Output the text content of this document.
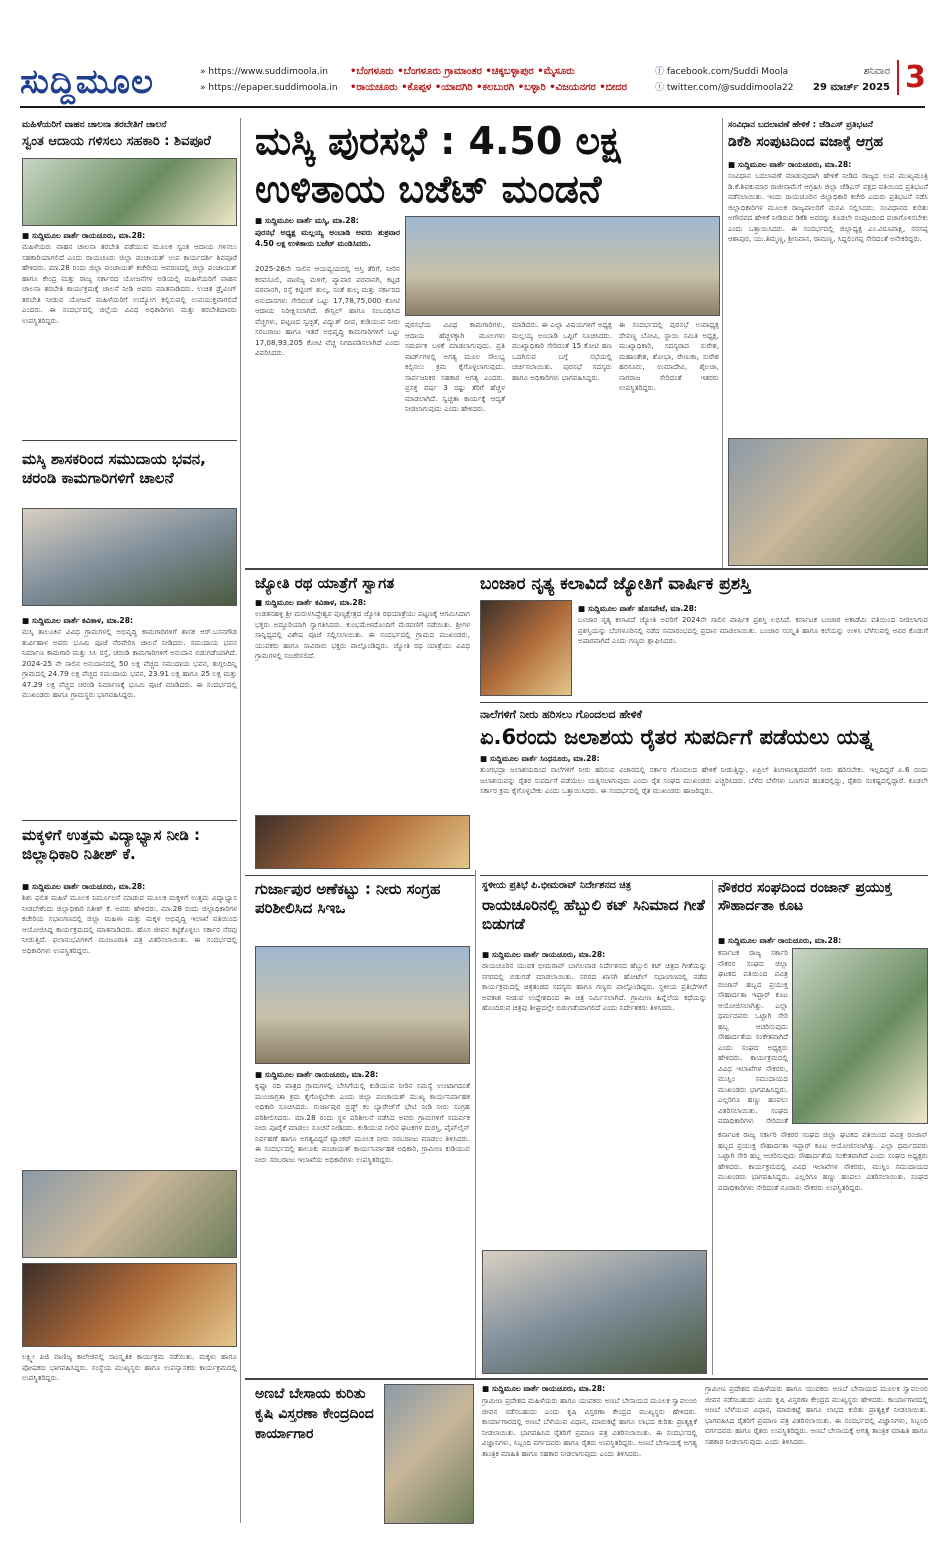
ಸುದ್ದಿಮೂಲ	» https://www.suddimoola.in
» https://epaper.suddimoola.in
•ಬೆಂಗಳೂರು •ಬೆಂಗಳೂರು ಗ್ರಾಮಾಂತರ •ಚಿಕ್ಕಬಳ್ಳಾಪುರ •ಮೈಸೂರು
•ರಾಯಚೂರು •ಕೊಪ್ಪಳ •ಯಾದಗಿರಿ •ಕಲಬುರಗಿ •ಬಳ್ಳಾರಿ •ವಿಜಯನಗರ •ಬೀದರ
ⓕ facebook.com/Suddi Moola
ⓣ twitter.com/@suddimoola22
ಶನಿವಾರ
29 ಮಾರ್ಚ್ 2025 3
ಮಹಿಳೆಯರಿಗೆ ವಾಹನ ಚಾಲನಾ ತರಬೇತಿಗೆ ಚಾಲನೆ
ಸ್ವಂತ ಆದಾಯ ಗಳಿಸಲು ಸಹಕಾರಿ : ಶಿವಪೂರೆ
■ ಸುದ್ದಿಮೂಲ ವಾರ್ತೆ ರಾಯಚೂರು, ಮಾ.28:
ಮಹಿಳೆಯರು ವಾಹನ ಚಾಲನಾ ತರಬೇತಿ ಪಡೆಯುವ ಮೂಲಕ ಸ್ವಂತ ಆದಾಯ ಗಳಿಸಲು ಸಹಕಾರಿಯಾಗಲಿದೆ ಎಂದು ರಾಯಚೂರು ಜಿಲ್ಲಾ ಪಂಚಾಯತ್ ಉಪ ಕಾರ್ಯದರ್ಶಿ ಶಿವಪೂರೆ ಹೇಳಿದರು. ಮಾ.28 ರಂದು ಜಿಲ್ಲಾ ಪಂಚಾಯತ್ ಕಚೇರಿಯ ಆವರಣದಲ್ಲಿ ಜಿಲ್ಲಾ ಪಂಚಾಯತ್ ಹಾಗೂ ಕೇಂದ್ರ ಮತ್ತು ರಾಜ್ಯ ಸರ್ಕಾರದ ಯೋಜನೆಗಳ ಅಡಿಯಲ್ಲಿ ಮಹಿಳೆಯರಿಗೆ ವಾಹನ ಚಾಲನಾ ತರಬೇತಿ ಕಾರ್ಯಕ್ರಮಕ್ಕೆ ಚಾಲನೆ ನೀಡಿ ಅವರು ಮಾತನಾಡಿದರು. ಉಚಿತ ಡ್ರೈವಿಂಗ್ ತರಬೇತಿ ನೀಡುವ ಯೋಜನೆ ಮಹಿಳೆಯರಿಗೆ ಉದ್ಯೋಗ ಕಲ್ಪಿಸುವಲ್ಲಿ ಉಪಯುಕ್ತವಾಗಲಿದೆ ಎಂದರು. ಈ ಸಂದರ್ಭದಲ್ಲಿ ಜಿಲ್ಲೆಯ ವಿವಿಧ ಅಧಿಕಾರಿಗಳು ಮತ್ತು ತರಬೇತಿದಾರರು ಉಪಸ್ಥಿತರಿದ್ದರು.
ಮಸ್ಕಿ ಶಾಸಕರಿಂದ ಸಮುದಾಯ ಭವನ, ಚರಂಡಿ ಕಾಮಗಾರಿಗಳಿಗೆ ಚಾಲನೆ
■ ಸುದ್ದಿಮೂಲ ವಾರ್ತೆ ಕವಿತಾಳ, ಮಾ.28:
ಮಸ್ಕಿ ತಾಲೂಕಿನ ವಿವಿಧ ಗ್ರಾಮಗಳಲ್ಲಿ ಅಭಿವೃದ್ಧಿ ಕಾಮಗಾರಿಗಳಿಗೆ ಶಾಸಕ ಆರ್.ಬಸನಗೌಡ ತುರ್ವಿಹಾಳ ಅವರು ಭೂಮಿ ಪೂಜೆ ನೆರವೇರಿಸಿ ಚಾಲನೆ ನೀಡಿದರು. ಸಮುದಾಯ ಭವನ ನಿರ್ಮಾಣ ಕಾಮಗಾರಿ ಮತ್ತು ಸಿಸಿ ರಸ್ತೆ, ಚರಂಡಿ ಕಾಮಗಾರಿಗಳಿಗೆ ಅನುದಾನ ಬಿಡುಗಡೆಯಾಗಿದೆ. 2024-25 ನೇ ಸಾಲಿನ ಅನುದಾನದಲ್ಲಿ 50 ಲಕ್ಷ ವೆಚ್ಚದ ಸಮುದಾಯ ಭವನ, ತುಗ್ಗಲದಿನ್ನಿ ಗ್ರಾಮದಲ್ಲಿ 24.79 ಲಕ್ಷ ವೆಚ್ಚದ ಸಮುದಾಯ ಭವನ, 23.91 ಲಕ್ಷ ಹಾಗೂ 25 ಲಕ್ಷ ಮತ್ತು 47.29 ಲಕ್ಷ ವೆಚ್ಚದ ಚರಂಡಿ ನಿರ್ಮಾಣಕ್ಕೆ ಭೂಮಿ ಪೂಜೆ ಮಾಡಿದರು. ಈ ಸಂದರ್ಭದಲ್ಲಿ ಮುಖಂಡರು ಹಾಗೂ ಗ್ರಾಮಸ್ಥರು ಭಾಗವಹಿಸಿದ್ದರು.
ಮಕ್ಕಳಿಗೆ ಉತ್ತಮ ವಿದ್ಯಾಭ್ಯಾಸ ನೀಡಿ : ಜಿಲ್ಲಾಧಿಕಾರಿ ನಿತೀಶ್ ಕೆ.
■ ಸುದ್ದಿಮೂಲ ವಾರ್ತೆ ರಾಯಚೂರು, ಮಾ.28:
ಶಿಶು ಫಲಿತ ಮಹಿಳೆ ಮೂಲಕ ನಿರ್ಮೂಲನೆ ಮಾಡುವ ಮೂಲಕ ಮಕ್ಕಳಿಗೆ ಉತ್ತಮ ವಿದ್ಯಾಭ್ಯಾಸ ನೀಡಬೇಕೆಂದು ಜಿಲ್ಲಾಧಿಕಾರಿ ನಿತೀಶ್ ಕೆ. ಅವರು ಹೇಳಿದರು. ಮಾ.28 ರಂದು ಜಿಲ್ಲಾಧಿಕಾರಿಗಳ ಕಚೇರಿಯ ಸಭಾಂಗಣದಲ್ಲಿ ಜಿಲ್ಲಾ ಮಹಿಳಾ ಮತ್ತು ಮಕ್ಕಳ ಅಭಿವೃದ್ಧಿ ಇಲಾಖೆ ವತಿಯಿಂದ ಆಯೋಜಿಸಿದ್ದ ಕಾರ್ಯಕ್ರಮದಲ್ಲಿ ಮಾತನಾಡಿದರು. ಹೊಸ ಜೀವನ ಕಟ್ಟಿಕೊಳ್ಳಲು ಸರ್ಕಾರ ನೆರವು ನೀಡುತ್ತಿದೆ. ಫಲಾನುಭವಿಗಳಿಗೆ ಮಂಜೂರಾತಿ ಪತ್ರ ವಿತರಿಸಲಾಯಿತು. ಈ ಸಂದರ್ಭದಲ್ಲಿ ಅಧಿಕಾರಿಗಳು ಉಪಸ್ಥಿತರಿದ್ದರು.
ಲಕ್ಷ್ಮೀ ಪಿಜಿ ವಾಣಿಜ್ಯ ಕಾಲೇಜಿನಲ್ಲಿ ಸಾಂಸ್ಕೃತಿಕ ಕಾರ್ಯಕ್ರಮ ನಡೆಯಿತು. ಮಕ್ಕಳು ಹಾಗೂ ಪೋಷಕರು ಭಾಗವಹಿಸಿದ್ದರು. ಸಂಸ್ಥೆಯ ಮುಖ್ಯಸ್ಥರು ಹಾಗೂ ಉಪನ್ಯಾಸಕರು ಕಾರ್ಯಕ್ರಮದಲ್ಲಿ ಉಪಸ್ಥಿತರಿದ್ದರು.
ಮಸ್ಕಿ ಪುರಸಭೆ : 4.50 ಲಕ್ಷ
ಉಳಿತಾಯ ಬಜೆಟ್ ಮಂಡನೆ
■ ಸುದ್ದಿಮೂಲ ವಾರ್ತೆ ಮಸ್ಕಿ, ಮಾ.28:
ಪುರಸಭೆ ಅಧ್ಯಕ್ಷ ಮಲ್ಲಯ್ಯ ಅಂಬಾಡಿ ಅವರು ಶುಕ್ರವಾರ 4.50 ಲಕ್ಷ ಉಳಿತಾಯ ಬಜೆಟ್ ಮಂಡಿಸಿದರು.
2025-26ನೇ ಸಾಲಿನ ಆಯವ್ಯಯದಲ್ಲಿ ಆಸ್ತಿ ತೆರಿಗೆ, ನೀರಿನ ಕರವಸೂಲಿ, ವಾಣಿಜ್ಯ ಮಳಿಗೆ, ವ್ಯಾಪಾರ ಪರವಾನಗಿ, ಕಟ್ಟಡ ಪರವಾನಗಿ, ರಸ್ತೆ ಕಟ್ಟಿಂಗ್ ಶುಲ್ಕ, ಸಂತೆ ಶುಲ್ಕ ಮತ್ತು ಸರ್ಕಾರದ ಅನುದಾನಗಳು ಸೇರಿದಂತೆ ಒಟ್ಟು 17,78,75,000 ಕೋಟಿ ಆದಾಯ ನಿರೀಕ್ಷಿಸಲಾಗಿದೆ. ಕೌನ್ಸಿಲ್ ಹಾಗೂ ಸಂಬಂಧಿಸಿದ ವೆಚ್ಚಗಳು, ಪಟ್ಟಣದ ಸ್ವಚ್ಛತೆ, ವಿದ್ಯುತ್ ದೀಪ, ಕುಡಿಯುವ ನೀರು ಸರಬರಾಜು ಹಾಗೂ ಇತರೆ ಅಭಿವೃದ್ಧಿ ಕಾಮಗಾರಿಗಳಿಗೆ ಒಟ್ಟು 17,08,93,205 ಕೋಟಿ ವೆಚ್ಚ ನಿಗದಿಪಡಿಸಲಾಗಿದೆ ಎಂದು ವಿವರಿಸಿದರು.
ಪುರಸಭೆಯ ವಿವಿಧ ಕಾಮಗಾರಿಗಳು, ಆದಾಯ ಹೆಚ್ಚಳಕ್ಕಾಗಿ ಮೂಲಗಳು ಸಮರ್ಪಕ ಬಳಕೆ ಮಾಡಲಾಗುವುದು. ಪ್ರತಿ ವಾರ್ಡ್‌ಗಳಲ್ಲಿ ಅಗತ್ಯ ಮೂಲ ಸೌಲಭ್ಯ ಕಲ್ಪಿಸಲು ಕ್ರಮ ಕೈಗೊಳ್ಳಲಾಗುವುದು. ಸಾರ್ವಜನಿಕರ ಸಹಕಾರ ಅಗತ್ಯ ಎಂದರು. ಪ್ರಸಕ್ತ ವರ್ಷ 3 ರಷ್ಟು ತೆರಿಗೆ ಹೆಚ್ಚಳ ಮಾಡಲಾಗಿದೆ. ಸ್ವಚ್ಛತಾ ಕಾರ್ಯಕ್ಕೆ ಆದ್ಯತೆ ನೀಡಲಾಗುವುದು ಎಂದು ಹೇಳಿದರು.
ಮಾಡಿದರು. ಈ ಎಲ್ಲಾ ವಿಷಯಗಳಿಗೆ ಅಧ್ಯಕ್ಷ ಮಲ್ಲಯ್ಯ ಅಂಬಾಡಿ ಒಪ್ಪಿಗೆ ಸೂಚಿಸಿದರು. ಮುಖ್ಯಾಧಿಕಾರಿ ಸೇರಿದಂತೆ 15 ಕೋಟಿ ಹಣ ಒದಗಿಸುವ ಬಗ್ಗೆ ಸಭೆಯಲ್ಲಿ ಚರ್ಚಿಸಲಾಯಿತು. ಪುರಸಭೆ ಸದಸ್ಯರು ಹಾಗೂ ಅಧಿಕಾರಿಗಳು ಭಾಗವಹಿಸಿದ್ದರು.
ಈ ಸಂದರ್ಭದಲ್ಲಿ ಪುರಸಭೆ ಉಪಾಧ್ಯಕ್ಷ ದೇವಣ್ಣ ಬೋವಿ, ಸ್ಥಾಯಿ ಸಮಿತಿ ಅಧ್ಯಕ್ಷ, ಮುಖ್ಯಾಧಿಕಾರಿ, ಸದಸ್ಯರಾದ ಸುರೇಶ, ಮಹಾಂತೇಶ, ಶೋಭಾ, ರೇಣುಕಾ, ಸುರೇಶ ಹರಸೂರು, ಉಮಾದೇವಿ, ಶೈಲಜಾ, ನಾಗರಾಜ ಸೇರಿದಂತೆ ಇತರರು ಉಪಸ್ಥಿತರಿದ್ದರು.
ಸಂವಿಧಾನ ಬದಲಾವಣೆ ಹೇಳಿಕೆ : ಜೆಡಿಎಸ್ ಪ್ರತಿಭಟನೆ
ಡಿಕೆಶಿ ಸಂಪುಟದಿಂದ ವಜಾಕ್ಕೆ ಆಗ್ರಹ
■ ಸುದ್ದಿಮೂಲ ವಾರ್ತೆ ರಾಯಚೂರು, ಮಾ.28:
ಸಂವಿಧಾನ ಬದಲಾವಣೆ ಮಾಡುವುದಾಗಿ ಹೇಳಿಕೆ ನೀಡಿದ ರಾಜ್ಯದ ಉಪ ಮುಖ್ಯಮಂತ್ರಿ ಡಿ.ಕೆ.ಶಿವಕುಮಾರ ರಾಜೀನಾಮೆಗೆ ಆಗ್ರಹಿಸಿ ಜಿಲ್ಲಾ ಜೆಡಿಎಸ್ ಪಕ್ಷದ ವತಿಯಿಂದ ಪ್ರತಿಭಟನೆ ನಡೆಸಲಾಯಿತು. ಇಂದು ರಾಯಚೂರಿನ ಜಿಲ್ಲಾಧಿಕಾರಿ ಕಚೇರಿ ಎದುರು ಪ್ರತಿಭಟನೆ ನಡೆಸಿ ಜಿಲ್ಲಾಧಿಕಾರಿಗಳ ಮೂಲಕ ರಾಜ್ಯಪಾಲರಿಗೆ ಮನವಿ ಸಲ್ಲಿಸಿದರು. ಸಂವಿಧಾನದ ಕುರಿತು ಅಗೌರವದ ಹೇಳಿಕೆ ನೀಡಿರುವ ಡಿಕೆಶಿ ಅವರನ್ನು ಕೂಡಲೇ ಸಂಪುಟದಿಂದ ವಜಾಗೊಳಿಸಬೇಕು ಎಂದು ಒತ್ತಾಯಿಸಿದರು. ಈ ಸಂದರ್ಭದಲ್ಲಿ ಜಿಲ್ಲಾಧ್ಯಕ್ಷ ಎಂ.ವಿರೂಪಾಕ್ಷಿ, ನರಸಪ್ಪ ಆಶಾಪುರ, ಯು.ತಿಮ್ಮಣ್ಣ, ಶ್ರೀನಿವಾಸ, ರಾಮಣ್ಣ, ಸಿದ್ದಲಿಂಗಪ್ಪ ಸೇರಿದಂತೆ ಅನೇಕರಿದ್ದರು.
ಜ್ಯೋತಿ ರಥ ಯಾತ್ರೆಗೆ ಸ್ವಾಗತ
■ ಸುದ್ದಿಮೂಲ ವಾರ್ತೆ ಕವಿತಾಳ, ಮಾ.28:
ಉಡತನಹಳ್ಳಿ ಶ್ರೀ ಮರುಳಸಿದ್ಧೇಶ್ವರ ಪುಣ್ಯಕ್ಷೇತ್ರದ ಜ್ಯೋತಿ ರಥಯಾತ್ರೆಯು ಪಟ್ಟಣಕ್ಕೆ ಆಗಮಿಸಿದಾಗ ಭಕ್ತರು ಅದ್ಧೂರಿಯಾಗಿ ಸ್ವಾಗತಿಸಿದರು. ಕುಂಭಮೇಳದೊಂದಿಗೆ ಮೆರವಣಿಗೆ ನಡೆಯಿತು. ಶ್ರೀಗಳ ಸಾನ್ನಿಧ್ಯದಲ್ಲಿ ವಿಶೇಷ ಪೂಜೆ ಸಲ್ಲಿಸಲಾಯಿತು. ಈ ಸಂದರ್ಭದಲ್ಲಿ ಗ್ರಾಮದ ಮುಖಂಡರು, ಯುವಕರು ಹಾಗೂ ಸಾವಿರಾರು ಭಕ್ತರು ಪಾಲ್ಗೊಂಡಿದ್ದರು. ಜ್ಯೋತಿ ರಥ ಯಾತ್ರೆಯು ವಿವಿಧ ಗ್ರಾಮಗಳಲ್ಲಿ ಸಂಚರಿಸಲಿದೆ.
ಬಂಜಾರ ನೃತ್ಯ ಕಲಾವಿದೆ ಜ್ಯೋತಿಗೆ ವಾರ್ಷಿಕ ಪ್ರಶಸ್ತಿ
■ ಸುದ್ದಿಮೂಲ ವಾರ್ತೆ ಹೊಸಪೇಟೆ, ಮಾ.28:
ಬಂಜಾರ ನೃತ್ಯ ಕಲಾವಿದೆ ಜ್ಯೋತಿ ಅವರಿಗೆ 2024ನೇ ಸಾಲಿನ ವಾರ್ಷಿಕ ಪ್ರಶಸ್ತಿ ಲಭಿಸಿದೆ. ಕರ್ನಾಟಕ ಬಂಜಾರ ಅಕಾಡೆಮಿ ವತಿಯಿಂದ ನೀಡಲಾಗುವ ಪ್ರಶಸ್ತಿಯನ್ನು ಬೆಂಗಳೂರಿನಲ್ಲಿ ನಡೆದ ಸಮಾರಂಭದಲ್ಲಿ ಪ್ರದಾನ ಮಾಡಲಾಯಿತು. ಬಂಜಾರ ಸಂಸ್ಕೃತಿ ಹಾಗೂ ಕಲೆಯನ್ನು ಉಳಿಸಿ ಬೆಳೆಸುವಲ್ಲಿ ಅವರ ಕೊಡುಗೆ ಅಪಾರವಾಗಿದೆ ಎಂದು ಗಣ್ಯರು ಶ್ಲಾಘಿಸಿದರು.
ನಾಲೆಗಳಿಗೆ ನೀರು ಹರಿಸಲು ಗೊಂದಲದ ಹೇಳಿಕೆ
ಏ.6ರಂದು ಜಲಾಶಯ ರೈತರ ಸುಪರ್ದಿಗೆ ಪಡೆಯಲು ಯತ್ನ
■ ಸುದ್ದಿಮೂಲ ವಾರ್ತೆ ಸಿಂಧನೂರು, ಮಾ.28:
ತುಂಗಭದ್ರಾ ಜಲಾಶಯದಿಂದ ನಾಲೆಗಳಿಗೆ ನೀರು ಹರಿಸುವ ವಿಚಾರದಲ್ಲಿ ಸರ್ಕಾರ ಗೊಂದಲದ ಹೇಳಿಕೆ ನೀಡುತ್ತಿದ್ದು, ಏಪ್ರಿಲ್ ತಿಂಗಳಾಂತ್ಯದವರೆಗೆ ನೀರು ಹರಿಸಬೇಕು. ಇಲ್ಲದಿದ್ದರೆ ಏ.6 ರಂದು ಜಲಾಶಯವನ್ನು ರೈತರ ಸುಪರ್ದಿಗೆ ಪಡೆಯಲು ಯತ್ನಿಸಲಾಗುವುದು ಎಂದು ರೈತ ಸಂಘದ ಮುಖಂಡರು ಎಚ್ಚರಿಸಿದರು. ಬೆಳೆದ ಬೆಳೆಗಳು ಒಣಗುವ ಹಂತದಲ್ಲಿದ್ದು, ರೈತರು ಸಂಕಷ್ಟದಲ್ಲಿದ್ದಾರೆ. ಕೂಡಲೇ ಸರ್ಕಾರ ಕ್ರಮ ಕೈಗೊಳ್ಳಬೇಕು ಎಂದು ಒತ್ತಾಯಿಸಿದರು. ಈ ಸಂದರ್ಭದಲ್ಲಿ ರೈತ ಮುಖಂಡರು ಹಾಜರಿದ್ದರು.
ಗುರ್ಜಾಪುರ ಅಣೆಕಟ್ಟು : ನೀರು ಸಂಗ್ರಹ ಪರಿಶೀಲಿಸಿದ ಸಿಇಒ
■ ಸುದ್ದಿಮೂಲ ವಾರ್ತೆ ರಾಯಚೂರು, ಮಾ.28:
ಕೃಷ್ಣಾ ನದಿ ಪಾತ್ರದ ಗ್ರಾಮಗಳಲ್ಲಿ ಬೇಸಿಗೆಯಲ್ಲಿ ಕುಡಿಯುವ ನೀರಿನ ಸಮಸ್ಯೆ ಉಂಟಾಗದಂತೆ ಮುಂಜಾಗ್ರತಾ ಕ್ರಮ ಕೈಗೊಳ್ಳಬೇಕು ಎಂದು ಜಿಲ್ಲಾ ಪಂಚಾಯತ್ ಮುಖ್ಯ ಕಾರ್ಯನಿರ್ವಾಹಕ ಅಧಿಕಾರಿ ಸೂಚಿಸಿದರು. ಗುರ್ಜಾಪುರ ಬ್ರಿಡ್ಜ್ ಕಂ ಬ್ಯಾರೇಜ್‌ಗೆ ಭೇಟಿ ನೀಡಿ ನೀರು ಸಂಗ್ರಹ ಪರಿಶೀಲಿಸಿದರು. ಮಾ.28 ರಂದು ಸ್ಥಳ ಪರಿಶೀಲನೆ ನಡೆಸಿದ ಅವರು ಗ್ರಾಮಗಳಿಗೆ ಸಮರ್ಪಕ ನೀರು ಪೂರೈಕೆ ಮಾಡಲು ಸೂಚನೆ ನೀಡಿದರು. ಕುಡಿಯುವ ನೀರಿನ ಘಟಕಗಳ ದುರಸ್ತಿ, ಪೈಪ್‌ಲೈನ್ ನಿರ್ವಹಣೆ ಹಾಗೂ ಅಗತ್ಯವಿದ್ದರೆ ಟ್ಯಾಂಕರ್ ಮೂಲಕ ನೀರು ಸರಬರಾಜು ಮಾಡಲು ತಿಳಿಸಿದರು. ಈ ಸಂದರ್ಭದಲ್ಲಿ ತಾಲೂಕು ಪಂಚಾಯತ್ ಕಾರ್ಯನಿರ್ವಾಹಕ ಅಧಿಕಾರಿ, ಗ್ರಾಮೀಣ ಕುಡಿಯುವ ನೀರು ಸರಬರಾಜು ಇಲಾಖೆಯ ಅಧಿಕಾರಿಗಳು ಉಪಸ್ಥಿತರಿದ್ದರು.
ಸ್ಥಳೀಯ ಪ್ರತಿಭೆ ಪಿ.ಭೀಮರಾವ್ ನಿರ್ದೇಶನದ ಚಿತ್ರ
ರಾಯಚೂರಿನಲ್ಲಿ ಹೆಬ್ಬುಲಿ ಕಟ್ ಸಿನಿಮಾದ ಗೀತೆ ಬಿಡುಗಡೆ
■ ಸುದ್ದಿಮೂಲ ವಾರ್ತೆ ರಾಯಚೂರು, ಮಾ.28:
ರಾಯಚೂರಿನ ಯುವಕ ಭೀಮರಾವ್ ಬಾಗಲವಾಡ ನಿರ್ದೇಶನದ ಹೆಬ್ಬುಲಿ ಕಟ್ ಚಿತ್ರದ ಗೀತೆಯನ್ನು ನಗರದಲ್ಲಿ ಬಿಡುಗಡೆ ಮಾಡಲಾಯಿತು. ನಗರದ ಖಾಸಗಿ ಹೋಟೆಲ್ ಸಭಾಂಗಣದಲ್ಲಿ ನಡೆದ ಕಾರ್ಯಕ್ರಮದಲ್ಲಿ ಚಿತ್ರತಂಡದ ಸದಸ್ಯರು ಹಾಗೂ ಗಣ್ಯರು ಪಾಲ್ಗೊಂಡಿದ್ದರು. ಸ್ಥಳೀಯ ಪ್ರತಿಭೆಗಳಿಗೆ ಅವಕಾಶ ನೀಡುವ ಉದ್ದೇಶದಿಂದ ಈ ಚಿತ್ರ ನಿರ್ಮಿಸಲಾಗಿದೆ. ಗ್ರಾಮೀಣ ಹಿನ್ನೆಲೆಯ ಕಥೆಯನ್ನು ಹೊಂದಿರುವ ಚಿತ್ರವು ಶೀಘ್ರದಲ್ಲೇ ಬಿಡುಗಡೆಯಾಗಲಿದೆ ಎಂದು ನಿರ್ದೇಶಕರು ತಿಳಿಸಿದರು.
ನೌಕರರ ಸಂಘದಿಂದ ರಂಜಾನ್ ಪ್ರಯುಕ್ತ ಸೌಹಾರ್ದತಾ ಕೂಟ
■ ಸುದ್ದಿಮೂಲ ವಾರ್ತೆ ರಾಯಚೂರು, ಮಾ.28:
ಕರ್ನಾಟಕ ರಾಜ್ಯ ಸರ್ಕಾರಿ ನೌಕರರ ಸಂಘದ ಜಿಲ್ಲಾ ಘಟಕದ ವತಿಯಿಂದ ಪವಿತ್ರ ರಂಜಾನ್ ಹಬ್ಬದ ಪ್ರಯುಕ್ತ ಸೌಹಾರ್ದತಾ ಇಫ್ತಾರ್ ಕೂಟ ಆಯೋಜಿಸಲಾಗಿತ್ತು. ಎಲ್ಲಾ ಧರ್ಮದವರು ಒಟ್ಟಾಗಿ ಸೇರಿ ಹಬ್ಬ ಆಚರಿಸುವುದು ಸೌಹಾರ್ದತೆಯ ಸಂಕೇತವಾಗಿದೆ ಎಂದು ಸಂಘದ ಅಧ್ಯಕ್ಷರು ಹೇಳಿದರು. ಕಾರ್ಯಕ್ರಮದಲ್ಲಿ ವಿವಿಧ ಇಲಾಖೆಗಳ ನೌಕರರು, ಮುಸ್ಲಿಂ ಸಮುದಾಯದ ಮುಖಂಡರು ಭಾಗವಹಿಸಿದ್ದರು. ಎಲ್ಲರಿಗೂ ಹಣ್ಣು ಹಂಪಲು ವಿತರಿಸಲಾಯಿತು. ಸಂಘದ ಪದಾಧಿಕಾರಿಗಳು ಸೇರಿದಂತೆ
ಕರ್ನಾಟಕ ರಾಜ್ಯ ಸರ್ಕಾರಿ ನೌಕರರ ಸಂಘದ ಜಿಲ್ಲಾ ಘಟಕದ ವತಿಯಿಂದ ಪವಿತ್ರ ರಂಜಾನ್ ಹಬ್ಬದ ಪ್ರಯುಕ್ತ ಸೌಹಾರ್ದತಾ ಇಫ್ತಾರ್ ಕೂಟ ಆಯೋಜಿಸಲಾಗಿತ್ತು. ಎಲ್ಲಾ ಧರ್ಮದವರು ಒಟ್ಟಾಗಿ ಸೇರಿ ಹಬ್ಬ ಆಚರಿಸುವುದು ಸೌಹಾರ್ದತೆಯ ಸಂಕೇತವಾಗಿದೆ ಎಂದು ಸಂಘದ ಅಧ್ಯಕ್ಷರು ಹೇಳಿದರು. ಕಾರ್ಯಕ್ರಮದಲ್ಲಿ ವಿವಿಧ ಇಲಾಖೆಗಳ ನೌಕರರು, ಮುಸ್ಲಿಂ ಸಮುದಾಯದ ಮುಖಂಡರು ಭಾಗವಹಿಸಿದ್ದರು. ಎಲ್ಲರಿಗೂ ಹಣ್ಣು ಹಂಪಲು ವಿತರಿಸಲಾಯಿತು. ಸಂಘದ ಪದಾಧಿಕಾರಿಗಳು ಸೇರಿದಂತೆ ನೂರಾರು ನೌಕರರು ಉಪಸ್ಥಿತರಿದ್ದರು.
ಅಣಬೆ ಬೇಸಾಯ ಕುರಿತು ಕೃಷಿ ವಿಸ್ತರಣಾ ಕೇಂದ್ರದಿಂದ ಕಾರ್ಯಾಗಾರ
■ ಸುದ್ದಿಮೂಲ ವಾರ್ತೆ ರಾಯಚೂರು, ಮಾ.28:
ಗ್ರಾಮೀಣ ಪ್ರದೇಶದ ಮಹಿಳೆಯರು ಹಾಗೂ ಯುವಕರು ಅಣಬೆ ಬೇಸಾಯದ ಮೂಲಕ ಸ್ವಾವಲಂಬಿ ಜೀವನ ನಡೆಸಬಹುದು ಎಂದು ಕೃಷಿ ವಿಸ್ತರಣಾ ಕೇಂದ್ರದ ಮುಖ್ಯಸ್ಥರು ಹೇಳಿದರು. ಕಾರ್ಯಾಗಾರದಲ್ಲಿ ಅಣಬೆ ಬೆಳೆಯುವ ವಿಧಾನ, ಮಾರುಕಟ್ಟೆ ಹಾಗೂ ಲಾಭದ ಕುರಿತು ಪ್ರಾತ್ಯಕ್ಷಿಕೆ ನೀಡಲಾಯಿತು. ಭಾಗವಹಿಸಿದ ರೈತರಿಗೆ ಪ್ರಮಾಣ ಪತ್ರ ವಿತರಿಸಲಾಯಿತು. ಈ ಸಂದರ್ಭದಲ್ಲಿ ವಿಜ್ಞಾನಿಗಳು, ಸಿಬ್ಬಂದಿ ವರ್ಗದವರು ಹಾಗೂ ರೈತರು ಉಪಸ್ಥಿತರಿದ್ದರು. ಅಣಬೆ ಬೇಸಾಯಕ್ಕೆ ಅಗತ್ಯ ತಾಂತ್ರಿಕ ಮಾಹಿತಿ ಹಾಗೂ ಸಹಕಾರ ನೀಡಲಾಗುವುದು ಎಂದು ತಿಳಿಸಿದರು.
ಗ್ರಾಮೀಣ ಪ್ರದೇಶದ ಮಹಿಳೆಯರು ಹಾಗೂ ಯುವಕರು ಅಣಬೆ ಬೇಸಾಯದ ಮೂಲಕ ಸ್ವಾವಲಂಬಿ ಜೀವನ ನಡೆಸಬಹುದು ಎಂದು ಕೃಷಿ ವಿಸ್ತರಣಾ ಕೇಂದ್ರದ ಮುಖ್ಯಸ್ಥರು ಹೇಳಿದರು. ಕಾರ್ಯಾಗಾರದಲ್ಲಿ ಅಣಬೆ ಬೆಳೆಯುವ ವಿಧಾನ, ಮಾರುಕಟ್ಟೆ ಹಾಗೂ ಲಾಭದ ಕುರಿತು ಪ್ರಾತ್ಯಕ್ಷಿಕೆ ನೀಡಲಾಯಿತು. ಭಾಗವಹಿಸಿದ ರೈತರಿಗೆ ಪ್ರಮಾಣ ಪತ್ರ ವಿತರಿಸಲಾಯಿತು. ಈ ಸಂದರ್ಭದಲ್ಲಿ ವಿಜ್ಞಾನಿಗಳು, ಸಿಬ್ಬಂದಿ ವರ್ಗದವರು ಹಾಗೂ ರೈತರು ಉಪಸ್ಥಿತರಿದ್ದರು. ಅಣಬೆ ಬೇಸಾಯಕ್ಕೆ ಅಗತ್ಯ ತಾಂತ್ರಿಕ ಮಾಹಿತಿ ಹಾಗೂ ಸಹಕಾರ ನೀಡಲಾಗುವುದು ಎಂದು ತಿಳಿಸಿದರು.
